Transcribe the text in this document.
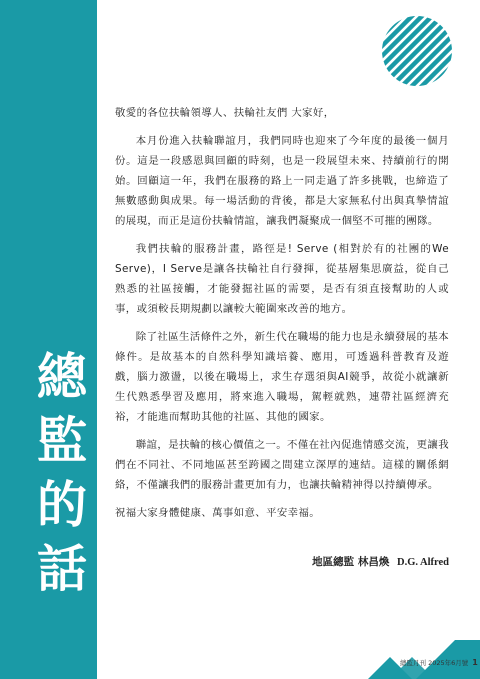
總
監
的
話

敬愛的各位扶輪領導人、扶輪社友們 大家好，

本月份進入扶輪聯誼月，我們同時也迎來了今年度的最後一個月份。這是一段感恩與回顧的時刻，也是一段展望未來、持續前行的開始。回顧這一年，我們在服務的路上一同走過了許多挑戰，也締造了無數感動與成果。每一場活動的背後，都是大家無私付出與真摯情誼的展現，而正是這份扶輪情誼，讓我們凝聚成一個堅不可摧的團隊。

我們扶輪的服務計畫，路徑是! Serve (相對於有的社團的We Serve)，I Serve是讓各扶輪社自行發揮，從基層集思廣益，從自己熟悉的社區接觸，才能發掘社區的需要，是否有須直接幫助的人或事，或須較長期規劃以讓較大範圍來改善的地方。

除了社區生活條件之外，新生代在職場的能力也是永續發展的基本條件。是故基本的自然科學知識培養、應用，可透過科普教育及遊戲，腦力激盪，以後在職場上，求生存選須與AI競爭，故從小就讓新生代熟悉學習及應用，將來進入職場，駕輕就熟，連帶社區經濟充裕，才能進而幫助其他的社區、其他的國家。

聯誼，是扶輪的核心價值之一。不僅在社內促進情感交流，更讓我們在不同社、不同地區甚至跨國之間建立深厚的連結。這樣的關係網絡，不僅讓我們的服務計畫更加有力，也讓扶輪精神得以持續傳承。

祝福大家身體健康、萬事如意、平安幸福。

地區總監 林昌煥 D.G. Alfred
總監月刊 2025年6月號 1
